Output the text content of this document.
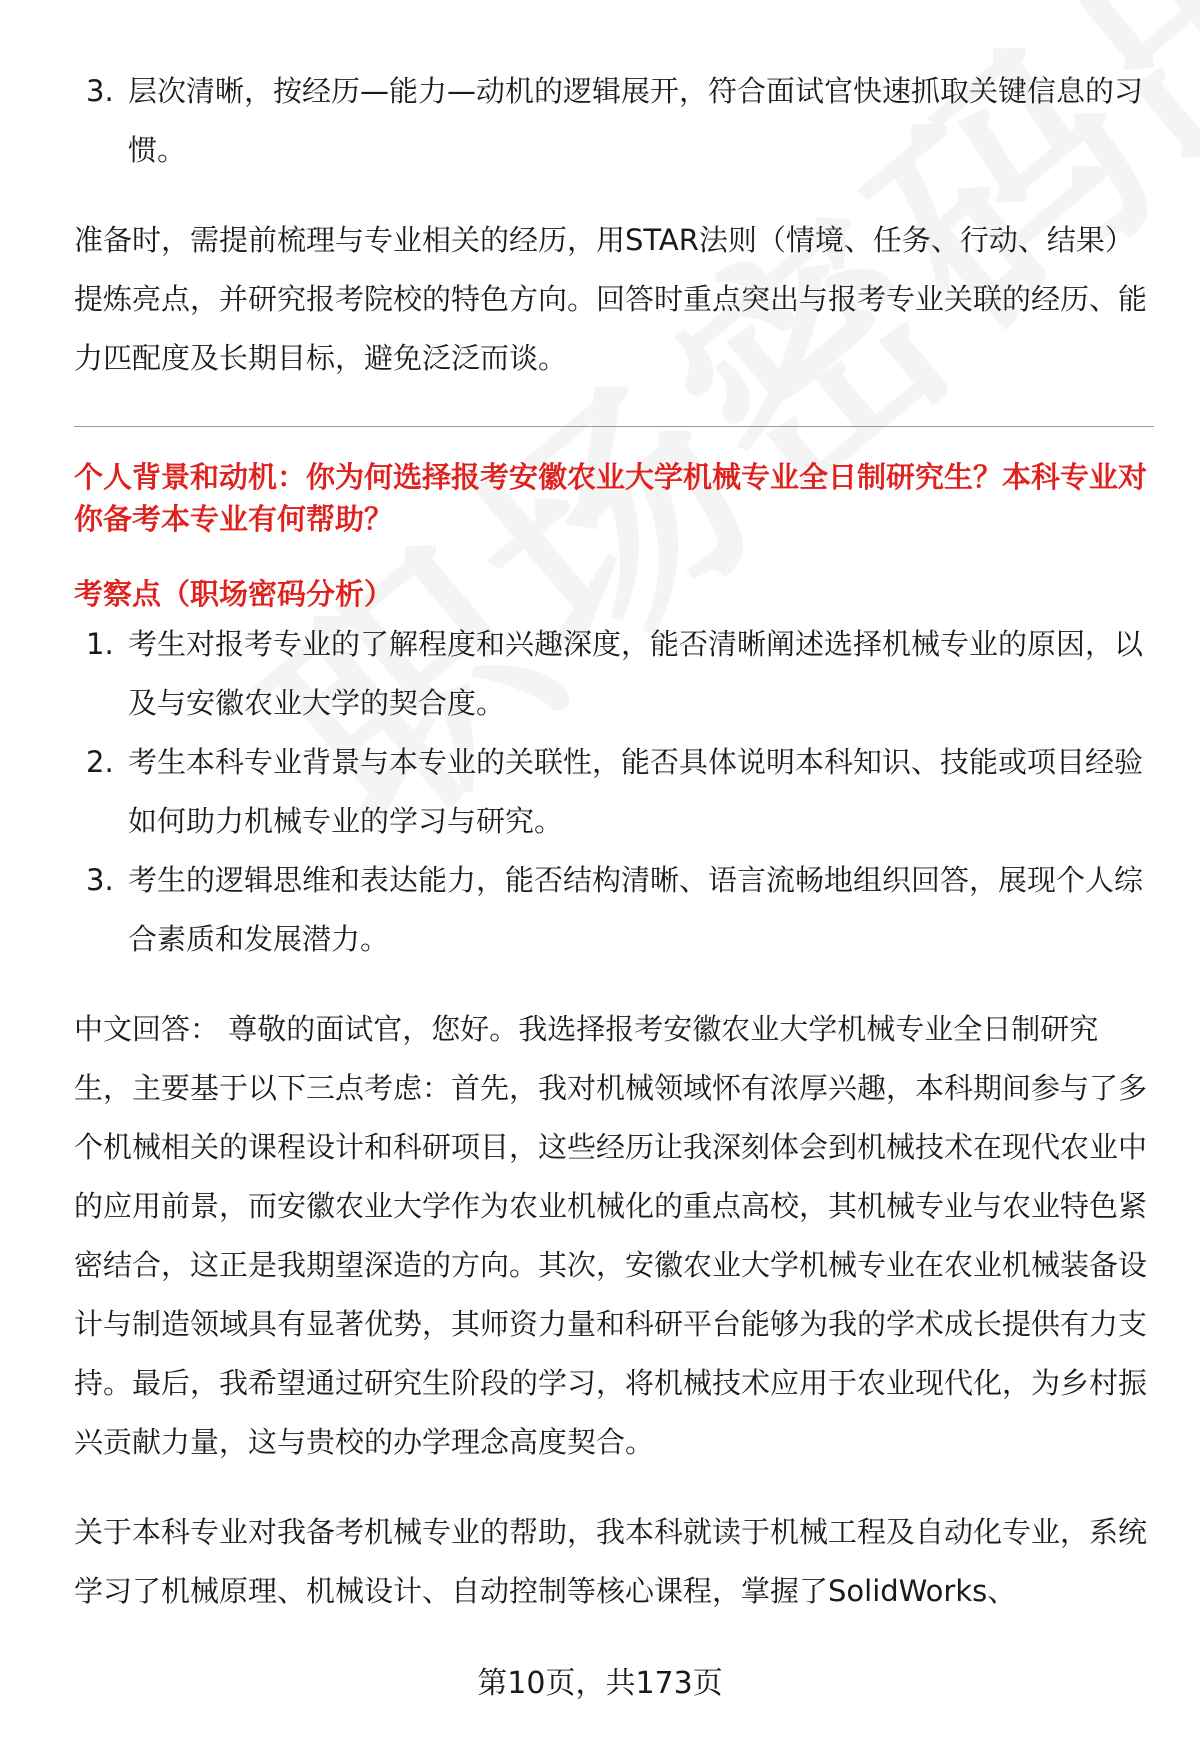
3. 层次清晰，按经历—能力—动机的逻辑展开，符合面试官快速抓取关键信息的习惯。

准备时，需提前梳理与专业相关的经历，用STAR法则（情境、任务、行动、结果）提炼亮点，并研究报考院校的特色方向。回答时重点突出与报考专业关联的经历、能力匹配度及长期目标，避免泛泛而谈。

个人背景和动机：你为何选择报考安徽农业大学机械专业全日制研究生？本科专业对你备考本专业有何帮助？

考察点（职场密码分析）

1. 考生对报考专业的了解程度和兴趣深度，能否清晰阐述选择机械专业的原因，以及与安徽农业大学的契合度。
2. 考生本科专业背景与本专业的关联性，能否具体说明本科知识、技能或项目经验如何助力机械专业的学习与研究。
3. 考生的逻辑思维和表达能力，能否结构清晰、语言流畅地组织回答，展现个人综合素质和发展潜力。

中文回答： 尊敬的面试官，您好。我选择报考安徽农业大学机械专业全日制研究生，主要基于以下三点考虑：首先，我对机械领域怀有浓厚兴趣，本科期间参与了多个机械相关的课程设计和科研项目，这些经历让我深刻体会到机械技术在现代农业中的应用前景，而安徽农业大学作为农业机械化的重点高校，其机械专业与农业特色紧密结合，这正是我期望深造的方向。其次，安徽农业大学机械专业在农业机械装备设计与制造领域具有显著优势，其师资力量和科研平台能够为我的学术成长提供有力支持。最后，我希望通过研究生阶段的学习，将机械技术应用于农业现代化，为乡村振兴贡献力量，这与贵校的办学理念高度契合。

关于本科专业对我备考机械专业的帮助，我本科就读于机械工程及自动化专业，系统学习了机械原理、机械设计、自动控制等核心课程，掌握了SolidWorks、

第10页，共173页
